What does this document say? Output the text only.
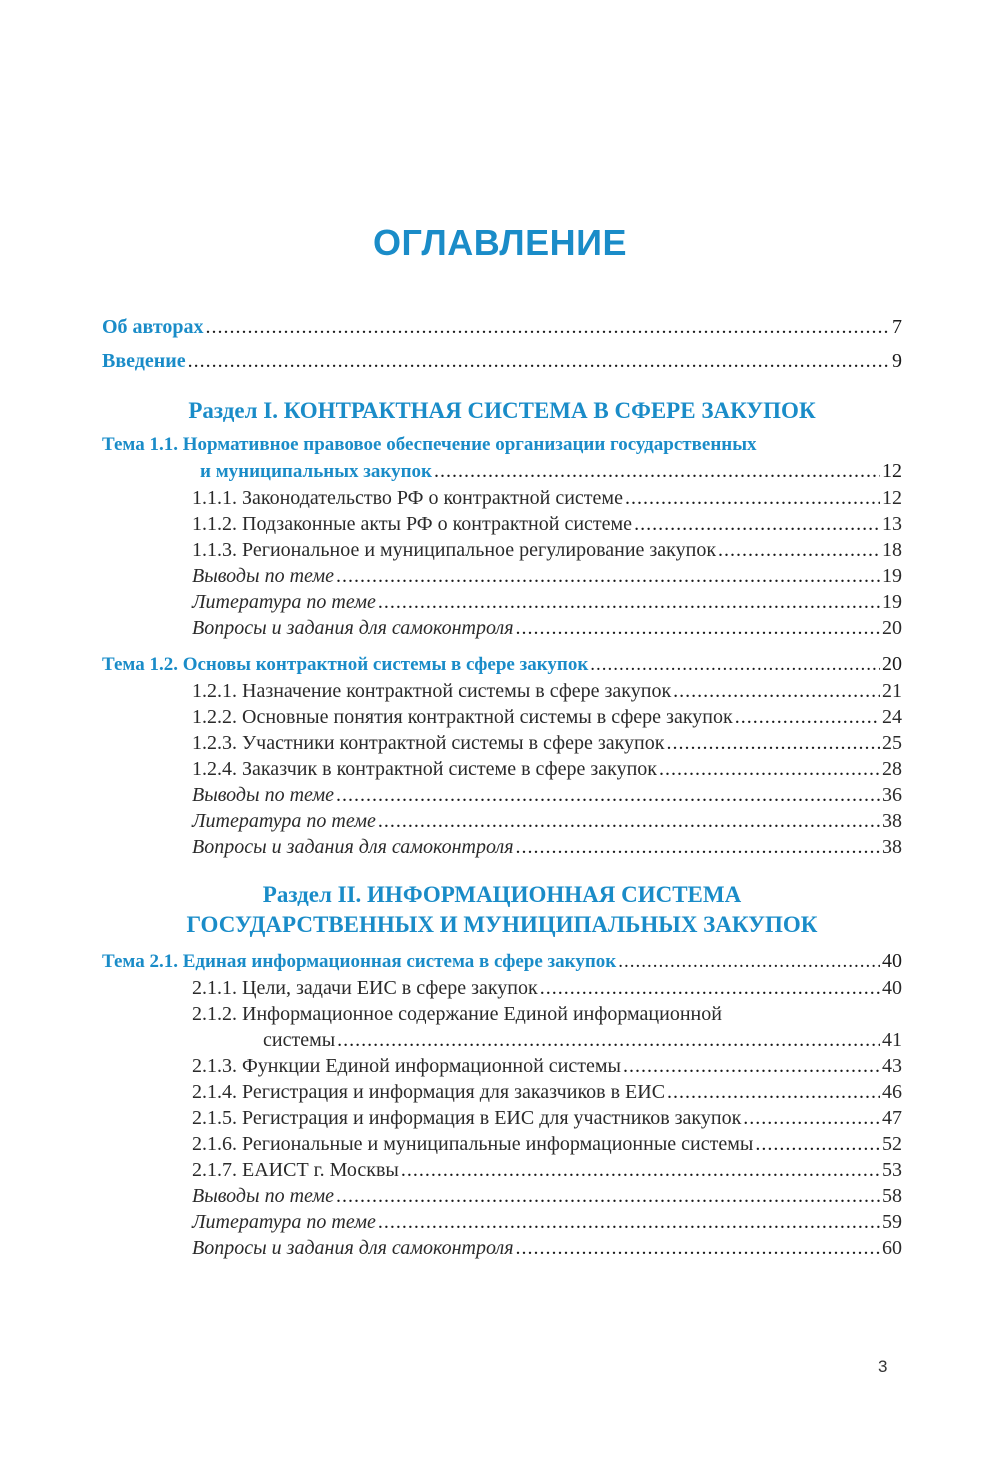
ОГЛАВЛЕНИЕ
Об авторах .....	7
Введение .....	9
Раздел I. КОНТРАКТНАЯ СИСТЕМА В СФЕРЕ ЗАКУПОК
Тема 1.1. Нормативное правовое обеспечение организации государственных
и муниципальных закупок .....	12
1.1.1. Законодательство РФ о контрактной системе .....	12
1.1.2. Подзаконные акты РФ о контрактной системе .....	13
1.1.3. Региональное и муниципальное регулирование закупок .....	18
Выводы по теме .....	19
Литература по теме .....	19
Вопросы и задания для самоконтроля .....	20
Тема 1.2. Основы контрактной системы в сфере закупок .....	20
1.2.1. Назначение контрактной системы в сфере закупок .....	21
1.2.2. Основные понятия контрактной системы в сфере закупок .....	24
1.2.3. Участники контрактной системы в сфере закупок .....	25
1.2.4. Заказчик в контрактной системе в сфере закупок .....	28
Выводы по теме .....	36
Литература по теме .....	38
Вопросы и задания для самоконтроля .....	38
Раздел II. ИНФОРМАЦИОННАЯ СИСТЕМА
ГОСУДАРСТВЕННЫХ И МУНИЦИПАЛЬНЫХ ЗАКУПОК
Тема 2.1. Единая информационная система в сфере закупок .....	40
2.1.1. Цели, задачи ЕИС в сфере закупок .....	40
2.1.2. Информационное содержание Единой информационной
системы .....	41
2.1.3. Функции Единой информационной системы .....	43
2.1.4. Регистрация и информация для заказчиков в ЕИС .....	46
2.1.5. Регистрация и информация в ЕИС для участников закупок .....	47
2.1.6. Региональные и муниципальные информационные системы .....	52
2.1.7. ЕАИСТ г. Москвы .....	53
Выводы по теме .....	58
Литература по теме .....	59
Вопросы и задания для самоконтроля .....	60
3
